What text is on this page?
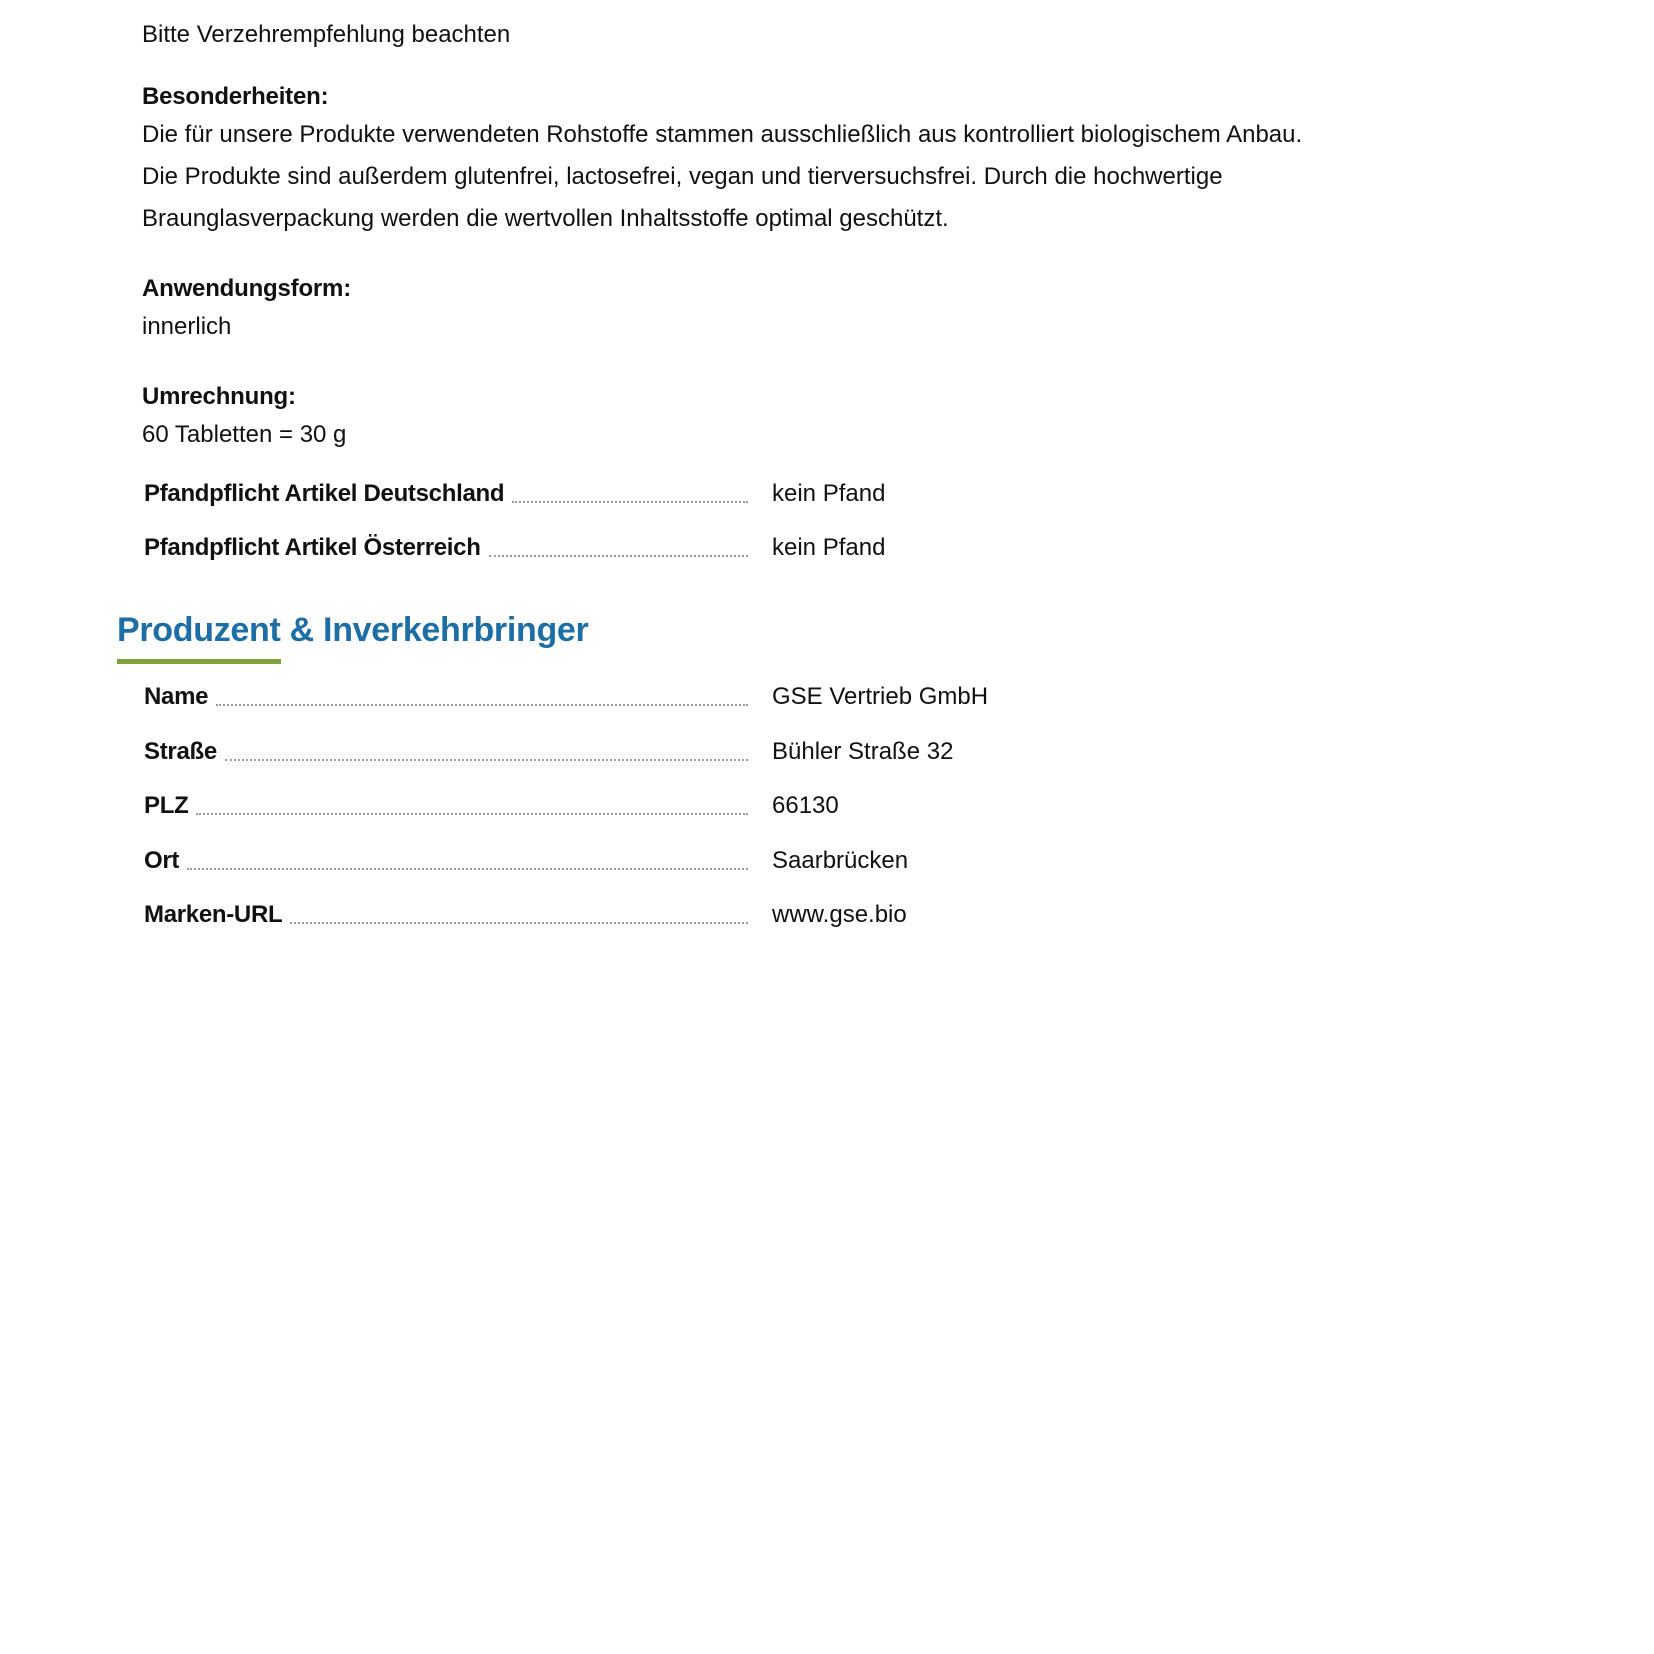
Bitte Verzehrempfehlung beachten
Besonderheiten:
Die für unsere Produkte verwendeten Rohstoffe stammen ausschließlich aus kontrolliert biologischem Anbau.
Die Produkte sind außerdem glutenfrei, lactosefrei, vegan und tierversuchsfrei. Durch die hochwertige
Braunglasverpackung werden die wertvollen Inhaltsstoffe optimal geschützt.
Anwendungsform:
innerlich
Umrechnung:
60 Tabletten = 30 g
Pfandpflicht Artikel Deutschland	kein Pfand
Pfandpflicht Artikel Österreich	kein Pfand
Produzent & Inverkehrbringer
Name	GSE Vertrieb GmbH
Straße	Bühler Straße 32
PLZ	66130
Ort	Saarbrücken
Marken-URL	www.gse.bio
